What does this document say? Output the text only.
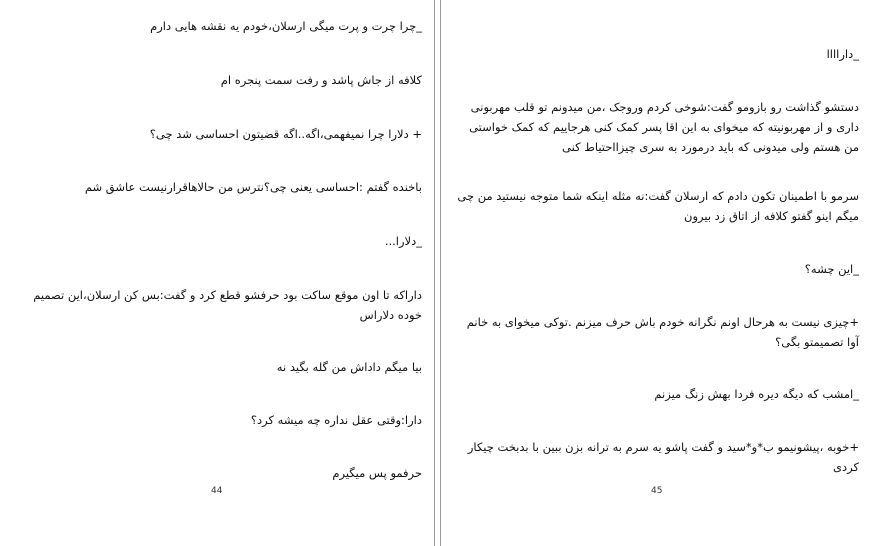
_چرا چرت و پرت میگی ارسلان،خودم یه نقشه هایی دارم
کلافه از جاش پاشد و رفت سمت پنجره ام
+ دلارا چرا نمیفهمی،اگه..اگه قضیتون احساسی شد چی؟
باخنده گفتم :احساسی یعنی چی؟نترس من حالاهاقرارنیست عاشق شم
_دلارا...
داراکه تا اون موقع ساکت بود حرفشو قطع کرد و گفت:بس کن ارسلان،این تصمیم خوده دلاراس
بیا میگم داداش من گله بگید نه
دارا:وقتی عقل نداره چه میشه کرد؟
حرفمو پس میگیرم
44
_داراااا
دستشو گذاشت رو بازومو گفت:شوخی کردم وروجک ،من میدونم تو قلب مهربونی داری و از مهربونیته که میخوای به این اقا پسر کمک کنی هرجاییم که کمک خواستی من هستم ولی میدونی که باید درمورد به سری چیزااحتیاط کنی
سرمو با اطمینان تکون دادم که ارسلان گفت:نه مثله اینکه شما متوجه نیستید من چی میگم اینو گفتو کلافه از اتاق زد بیرون
_این چشه؟
+چیزی نیست به هرحال اونم نگرانه خودم باش حرف میزنم .توکی میخوای به خانم آوا تصمیمتو بگی؟
_امشب که دیگه دیره فردا بهش زنگ میزنم
+خوبه ،پیشونیمو ب*و*سید و گفت پاشو یه سرم به ترانه بزن ببین با بدبخت چیکار کردی
45
